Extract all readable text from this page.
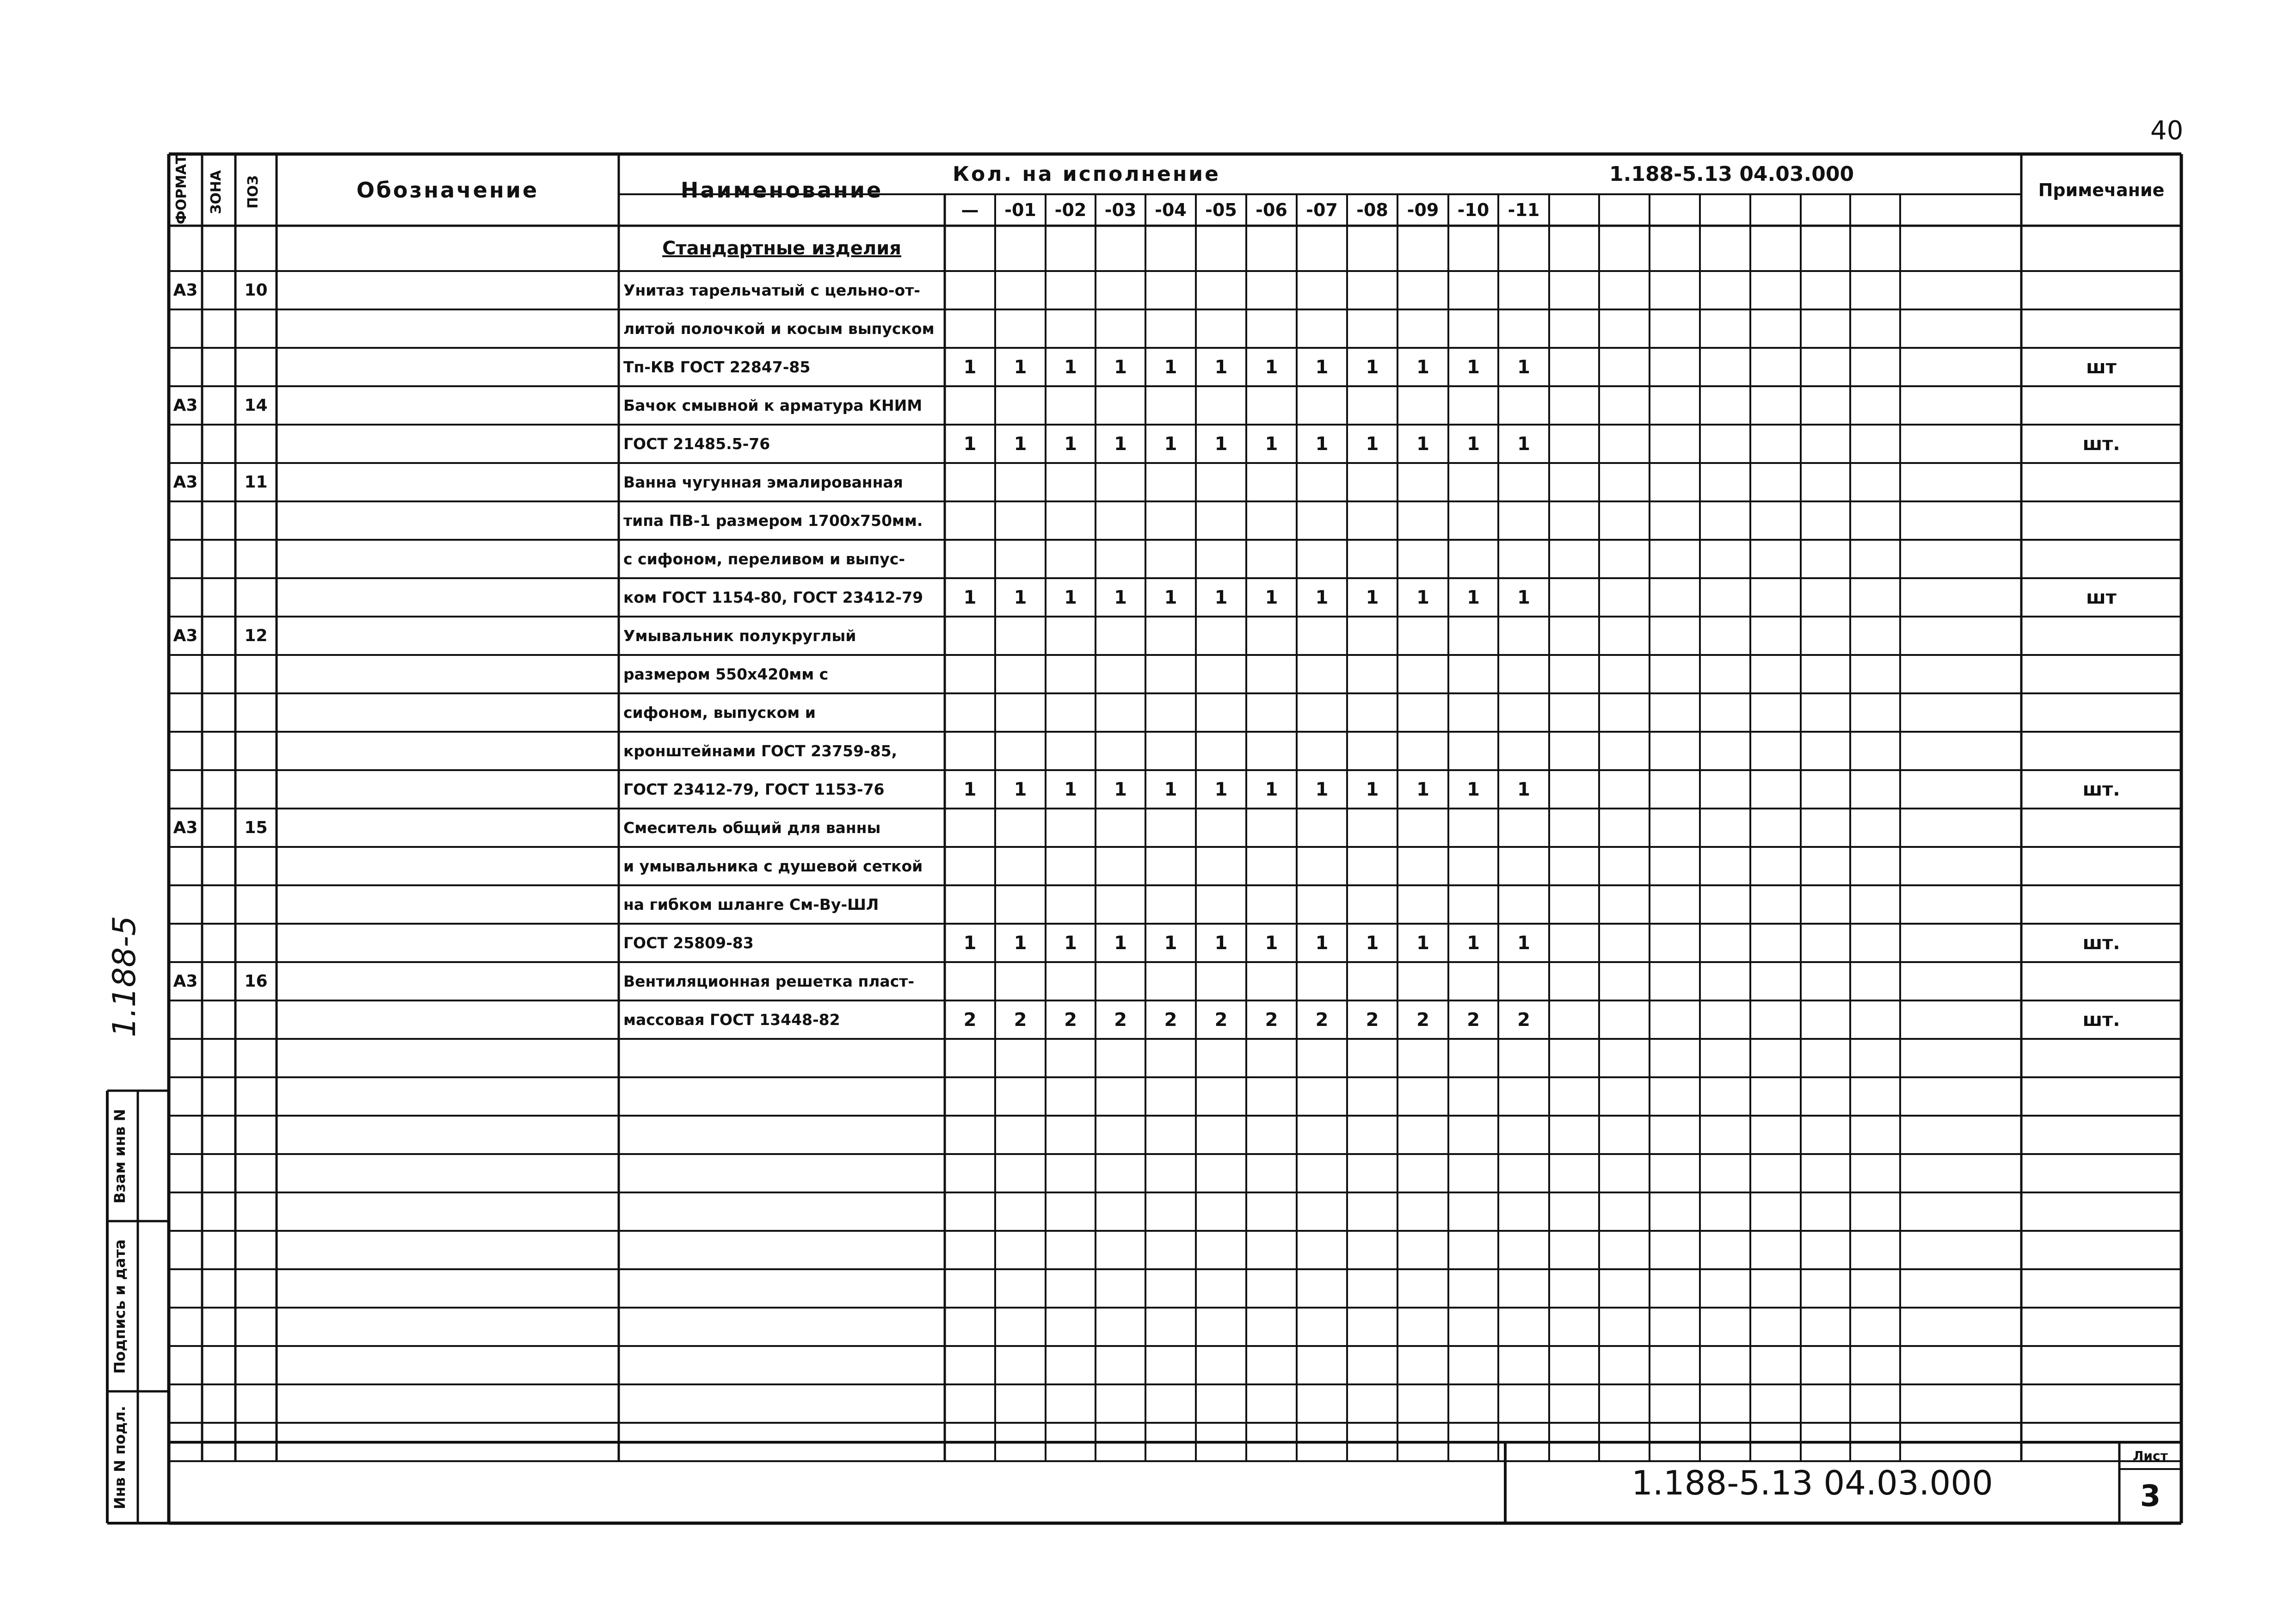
40
1.188-5
ФОРМАТ ЗОНА ПОЗ	Обозначение	Наименование
Кол. на исполнение	1.188-5.13 04.03.000
Примечание
—	-01	-02	-03	-04	-05	-06	-07	-08	-09	-10	-11
Стандартные изделия
А3	10	Унитаз тарельчатый с цельно-от-
литой полочкой и косым выпуском
Тп-КВ ГОСТ 22847-85	1	1	1	1	1	1	1	1	1	1	1	1	шт
А3	14	Бачок смывной к арматура КНИМ
ГОСТ 21485.5-76	1	1	1	1	1	1	1	1	1	1	1	1	шт.
А3	11	Ванна чугунная эмалированная
типа ПВ-1 размером 1700х750мм.
с сифоном, переливом и выпус-
ком ГОСТ 1154-80, ГОСТ 23412-79	1	1	1	1	1	1	1	1	1	1	1	1	шт
А3	12	Умывальник полукруглый
размером 550х420мм с
сифоном, выпуском и
кронштейнами ГОСТ 23759-85,
ГОСТ 23412-79, ГОСТ 1153-76	1	1	1	1	1	1	1	1	1	1	1	1	шт.
А3	15	Смеситель общий для ванны
и умывальника с душевой сеткой
на гибком шланге См-Ву-ШЛ
ГОСТ 25809-83	1	1	1	1	1	1	1	1	1	1	1	1	шт.
А3	16	Вентиляционная решетка пласт-
массовая ГОСТ 13448-82	2	2	2	2	2	2	2	2	2	2	2	2	шт.
Инв N подл.
Подпись и дата
Взам инв N
1.188-5.13 04.03.000
Лист
3
